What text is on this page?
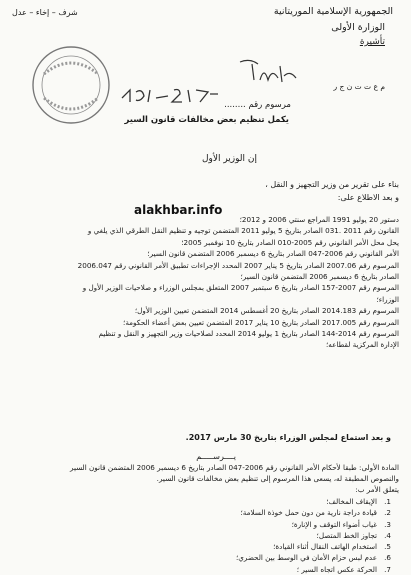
شرف – إخاء – عدل	الجمهورية الإسلامية الموريتانية
الوزارة الأولى
تأشيرة
م ع ت ت ن ج ر
مرسوم رقم ........
يكمل تنظيم بعض مخالفات قانون السير
إن الوزير الأول
بناء على تقرير من وزير التجهيز و النقل ،
و بعد الاطلاع على:
alakhbar.info
دستور 20 يوليو 1991 المراجع سنتي 2006 و 2012؛
القانون رقم 2011 .031 الصادر بتاريخ 5 يوليو 2011 المتضمن توجيه و تنظيم النقل الطرقي الذي يلغي و
يحل محل الأمر القانوني رقم 2005-010 الصادر بتاريخ 10 نوفمبر 2005؛
الأمر القانوني رقم 2006-047 الصادر بتاريخ 6 ديسمبر 2006 المتضمن قانون السير؛
المرسوم رقم 2007.06 الصادر بتاريخ 5 يناير 2007 المحدد الإجراءات تطبيق الأمر القانوني رقم 2006.047
الصادر بتاريخ 6 ديسمبر 2006 المتضمن قانون السير؛
المرسوم رقم 2007-157 الصادر بتاريخ 6 سبتمبر 2007 المتعلق بمجلس الوزراء و صلاحيات الوزير الأول و
الوزراء؛
المرسوم رقم 2014.183 الصادر بتاريخ 20 أغسطس 2014 المتضمن تعيين الوزير الأول؛
المرسوم رقم 2017.005 الصادر بتاريخ 10 يناير 2017 المتضمن تعيين بعض أعضاء الحكومة؛
المرسوم رقم 2014-144 الصادر بتاريخ 1 يوليو 2014 المحدد لصلاحيات وزير التجهيز و النقل و تنظيم
الإدارة المركزية لقطاعه؛
و بعد استماع لمجلس الوزراء بتاريخ 30 مارس 2017.
يــــرســـــم
المادة الأولى: طبقا لأحكام الأمر القانوني رقم 2006-047 الصادر بتاريخ 6 ديسمبر 2006 المتضمن قانون السير
والنصوص المطبقة له، يسعى هذا المرسوم إلى تنظيم بعض مخالفات قانون السير.
يتعلق الأمر ب:
1.الإيقاف المخالف؛
2.قيادة دراجة نارية من دون حمل خوذة السلامة؛
3.غياب أضواء التوقف و الإنارة؛
4.تجاوز الخط المتصل؛
5.استخدام الهاتف النقال أثناء القيادة؛
6.عدم لبس حزام الأمان في الوسط بين الحضري؛
7.الحركة عكس اتجاه السير ؛
